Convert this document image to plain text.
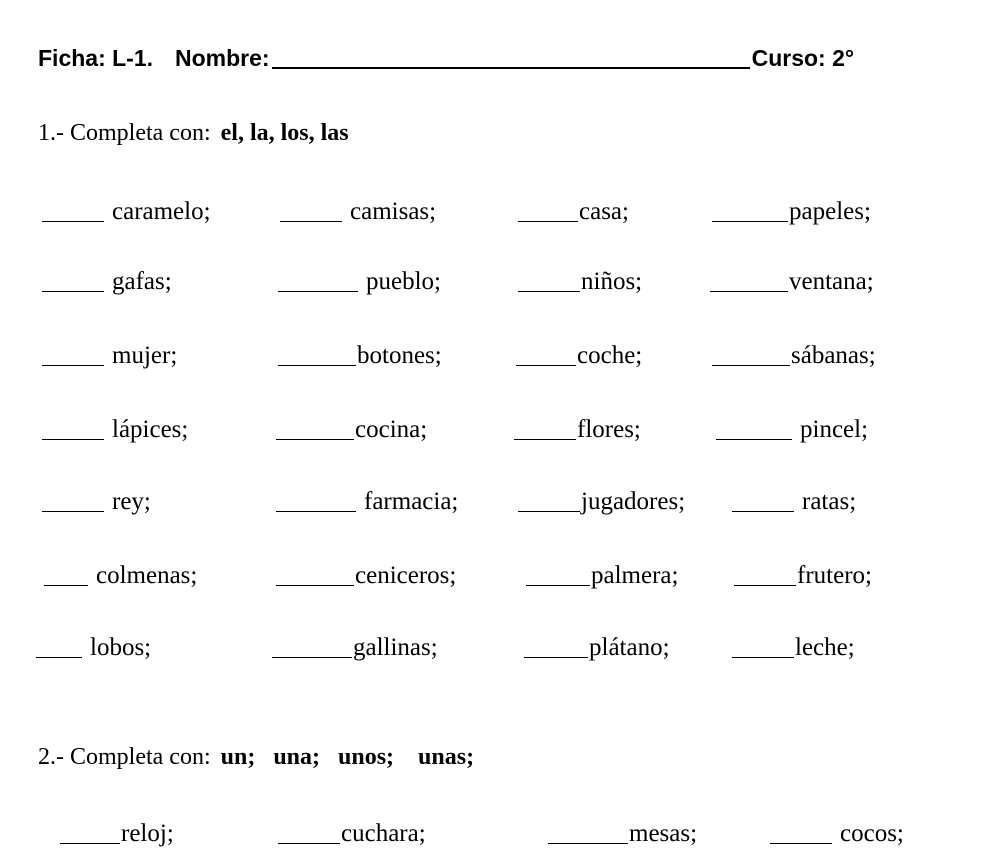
Ficha: L-1. Nombre:	Curso: 2°
1.- Completa con: el, la, los, las
caramelo;	camisas;	casa;	papeles;
gafas;	pueblo;	niños;	ventana;
mujer;	botones;	coche;	sábanas;
lápices;	cocina;	flores;	pincel;
rey;	farmacia;	jugadores;	ratas;
colmenas;	ceniceros;	palmera;	frutero;
lobos;	gallinas;	plátano;	leche;
2.- Completa con: un;   una;   unos;    unas;
reloj;	cuchara;	mesas;	cocos;
